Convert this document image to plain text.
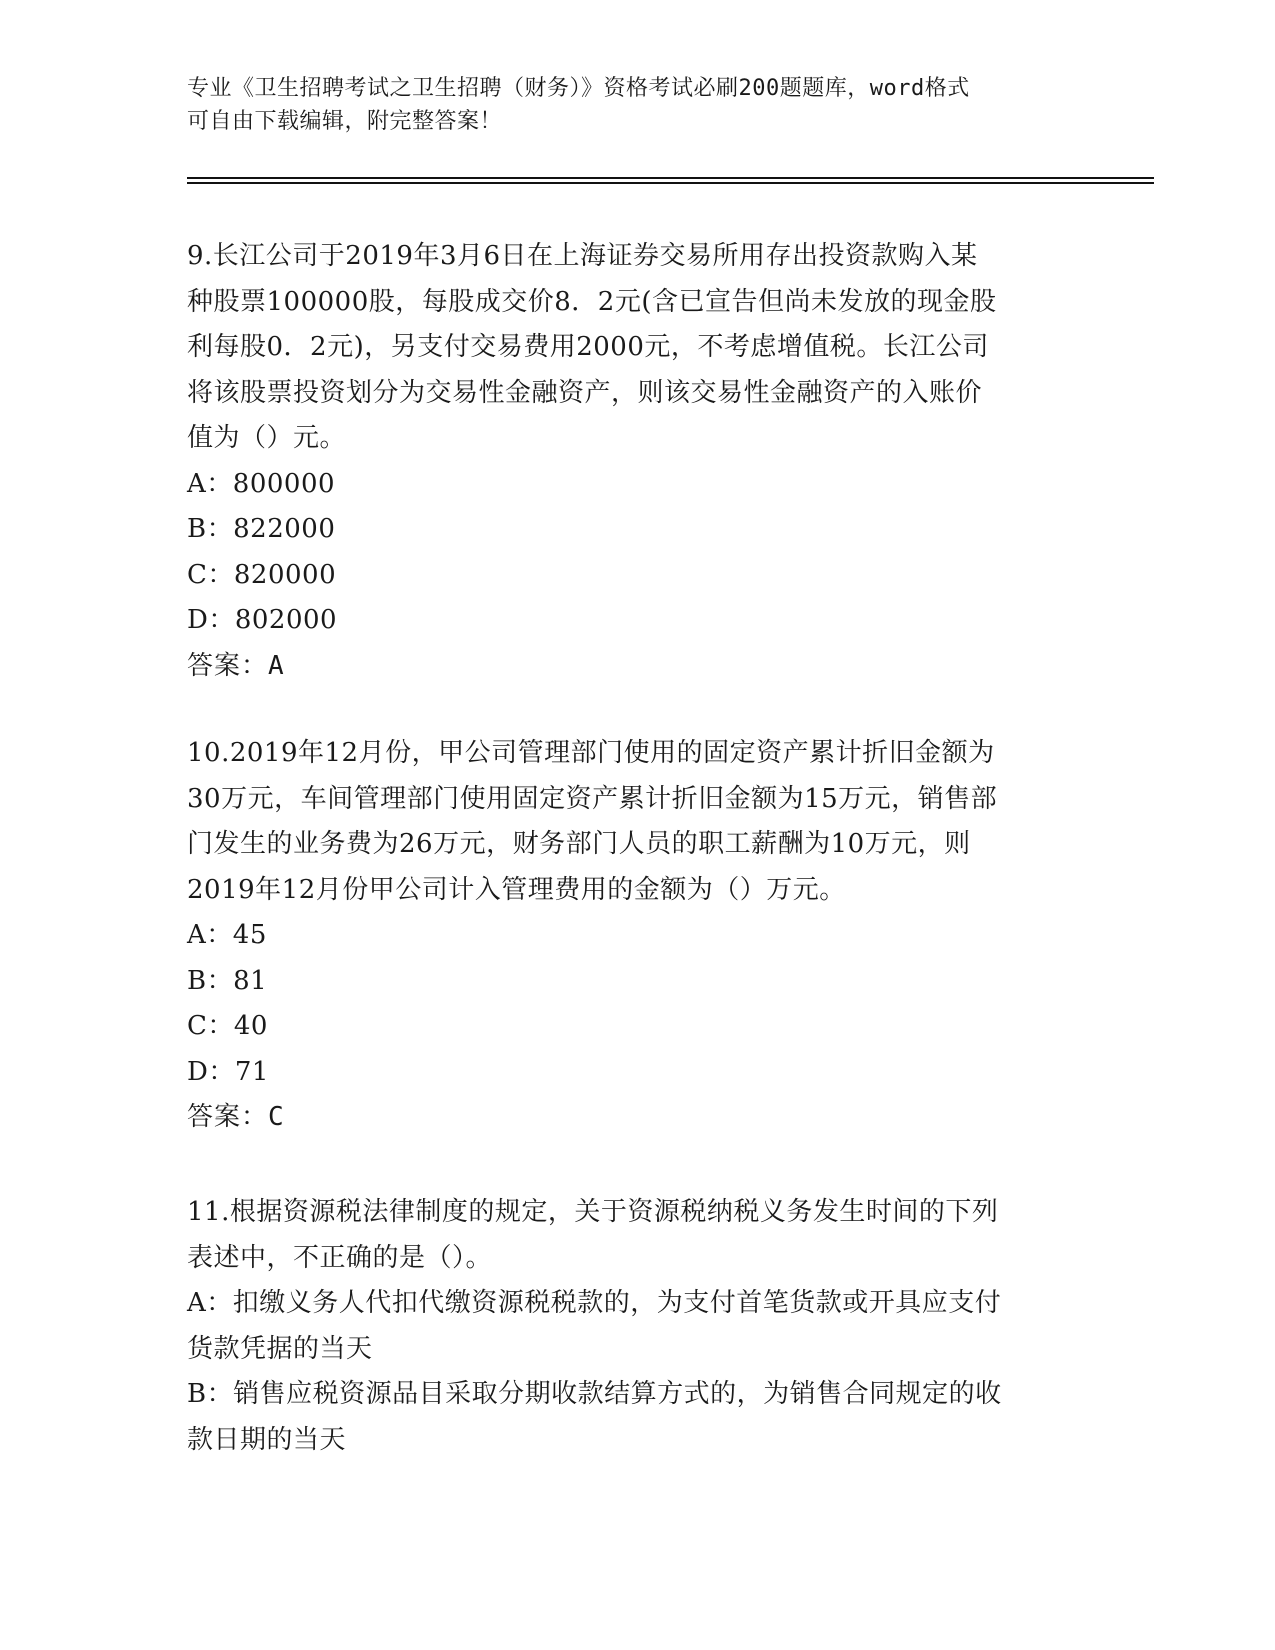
专业《卫生招聘考试之卫生招聘（财务）》资格考试必刷200题题库，word格式

可自由下载编辑，附完整答案！

9.长江公司于2019年3月6日在上海证券交易所用存出投资款购入某

种股票100000股，每股成交价8．2元(含已宣告但尚未发放的现金股

利每股0．2元)，另支付交易费用2000元，不考虑增值税。长江公司

将该股票投资划分为交易性金融资产，则该交易性金融资产的入账价

值为（）元。

A：800000

B：822000

C：820000

D：802000

答案：A

10.2019年12月份，甲公司管理部门使用的固定资产累计折旧金额为

30万元，车间管理部门使用固定资产累计折旧金额为15万元，销售部

门发生的业务费为26万元，财务部门人员的职工薪酬为10万元，则

2019年12月份甲公司计入管理费用的金额为（）万元。

A：45

B：81

C：40

D：71

答案：C

11.根据资源税法律制度的规定，关于资源税纳税义务发生时间的下列

表述中，不正确的是（）。

A：扣缴义务人代扣代缴资源税税款的，为支付首笔货款或开具应支付

货款凭据的当天

B：销售应税资源品目采取分期收款结算方式的，为销售合同规定的收

款日期的当天
